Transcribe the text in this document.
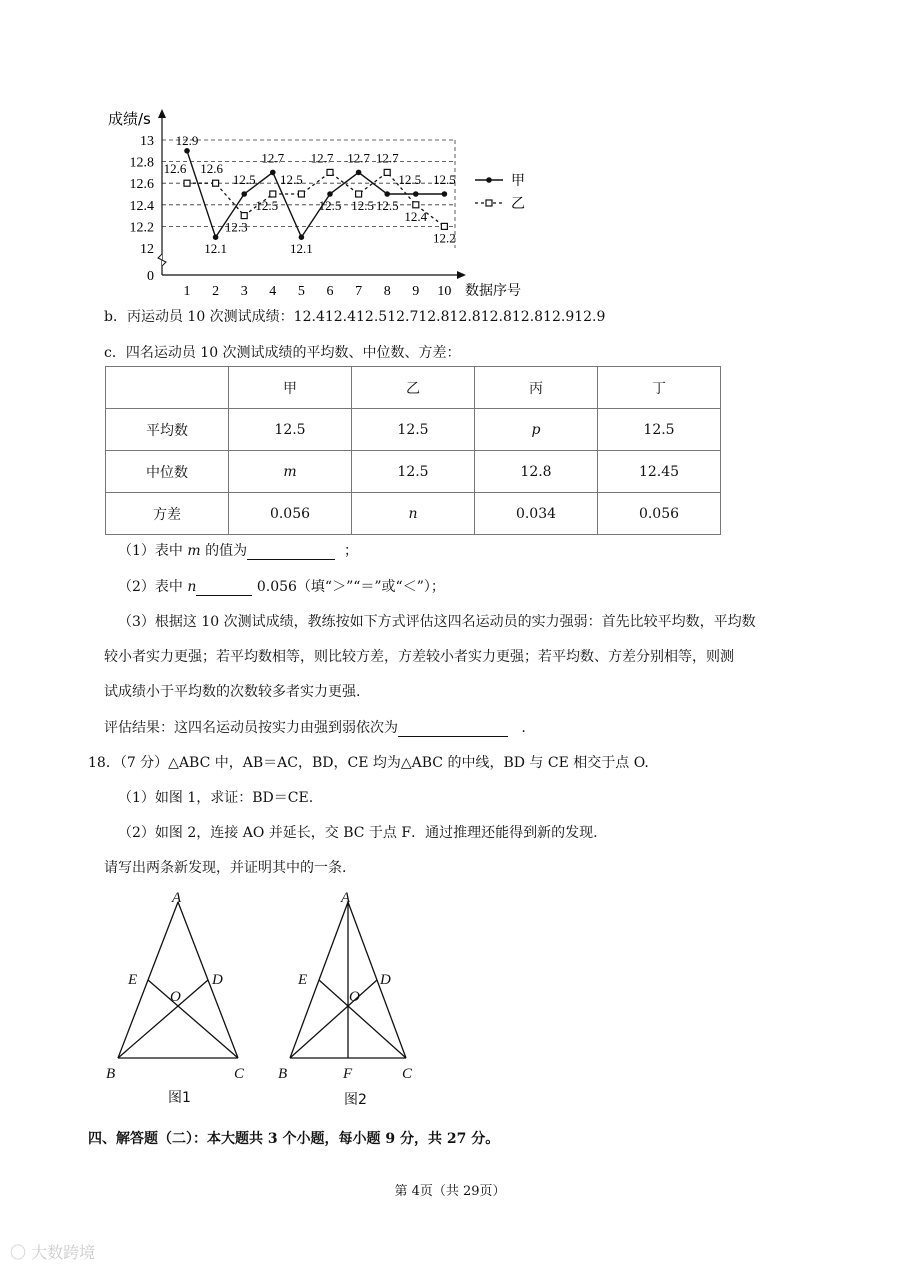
13
12.8
12.6
12.4
12.2
12
0
1 2 3 4 5 6 7 8 9 10
成绩/s
数据序号
12.9
12.1
12.5
12.7
12.1
12.5
12.7
12.5
12.5 12.5
12.6 12.6
12.3
12.5
12.5
12.7
12.5
12.7
12.4
12.2
甲
乙
b．丙运动员 10 次测试成绩：12.412.412.512.712.812.812.812.812.912.9
c．四名运动员 10 次测试成绩的平均数、中位数、方差：
	甲	乙	丙	丁
平均数	12.5	12.5	p	12.5
中位数	m	12.5	12.8	12.45
方差	0.056	n	0.034	0.056
（1）表中 m 的值为	；
（2）表中 n	0.056（填“＞”“＝”或“＜”）；
（3）根据这 10 次测试成绩，教练按如下方式评估这四名运动员的实力强弱：首先比较平均数，平均数
较小者实力更强；若平均数相等，则比较方差，方差较小者实力更强；若平均数、方差分别相等，则测
试成绩小于平均数的次数较多者实力更强.
评估结果：这四名运动员按实力由强到弱依次为	.
18．（7 分）△ABC 中，AB＝AC，BD，CE 均为△ABC 的中线，BD 与 CE 相交于点 O.
（1）如图 1，求证：BD＝CE.
（2）如图 2，连接 AO 并延长，交 BC 于点 F．通过推理还能得到新的发现.
请写出两条新发现，并证明其中的一条.
A
E	D
O
B	C
图1
A
E	D
O
F
B	C
图2
四、解答题（二）：本大题共 3 个小题，每小题 9 分，共 27 分。
第 4页（共 29页）
〇 大数跨境
